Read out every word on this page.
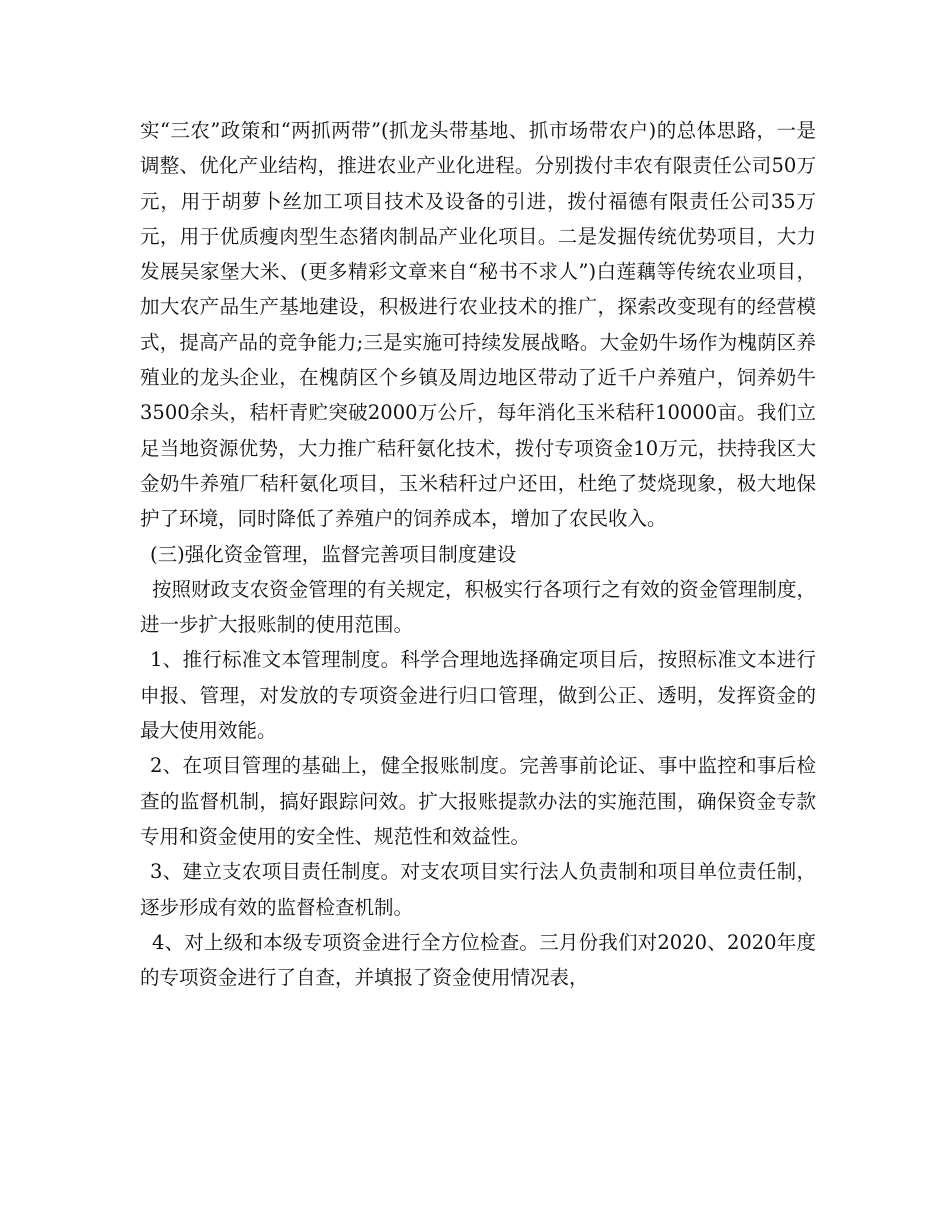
实“三农”政策和“两抓两带”(抓龙头带基地、抓市场带农户)的总体思路，一是调整、优化产业结构，推进农业产业化进程。分别拨付丰农有限责任公司50万元，用于胡萝卜丝加工项目技术及设备的引进，拨付福德有限责任公司35万元，用于优质瘦肉型生态猪肉制品产业化项目。二是发掘传统优势项目，大力发展吴家堡大米、(更多精彩文章来自“秘书不求人”)白莲藕等传统农业项目，加大农产品生产基地建设，积极进行农业技术的推广，探索改变现有的经营模式，提高产品的竞争能力;三是实施可持续发展战略。大金奶牛场作为槐荫区养殖业的龙头企业，在槐荫区个乡镇及周边地区带动了近千户养殖户，饲养奶牛3500余头，秸杆青贮突破2000万公斤，每年消化玉米秸秆10000亩。我们立足当地资源优势，大力推广秸秆氨化技术，拨付专项资金10万元，扶持我区大金奶牛养殖厂秸秆氨化项目，玉米秸秆过户还田，杜绝了焚烧现象，极大地保护了环境，同时降低了养殖户的饲养成本，增加了农民收入。

(三)强化资金管理，监督完善项目制度建设

按照财政支农资金管理的有关规定，积极实行各项行之有效的资金管理制度，进一步扩大报账制的使用范围。

1、推行标准文本管理制度。科学合理地选择确定项目后，按照标准文本进行申报、管理，对发放的专项资金进行归口管理，做到公正、透明，发挥资金的最大使用效能。

2、在项目管理的基础上，健全报账制度。完善事前论证、事中监控和事后检查的监督机制，搞好跟踪问效。扩大报账提款办法的实施范围，确保资金专款专用和资金使用的安全性、规范性和效益性。

3、建立支农项目责任制度。对支农项目实行法人负责制和项目单位责任制，逐步形成有效的监督检查机制。

4、对上级和本级专项资金进行全方位检查。三月份我们对2020、2020年度的专项资金进行了自查，并填报了资金使用情况表，
